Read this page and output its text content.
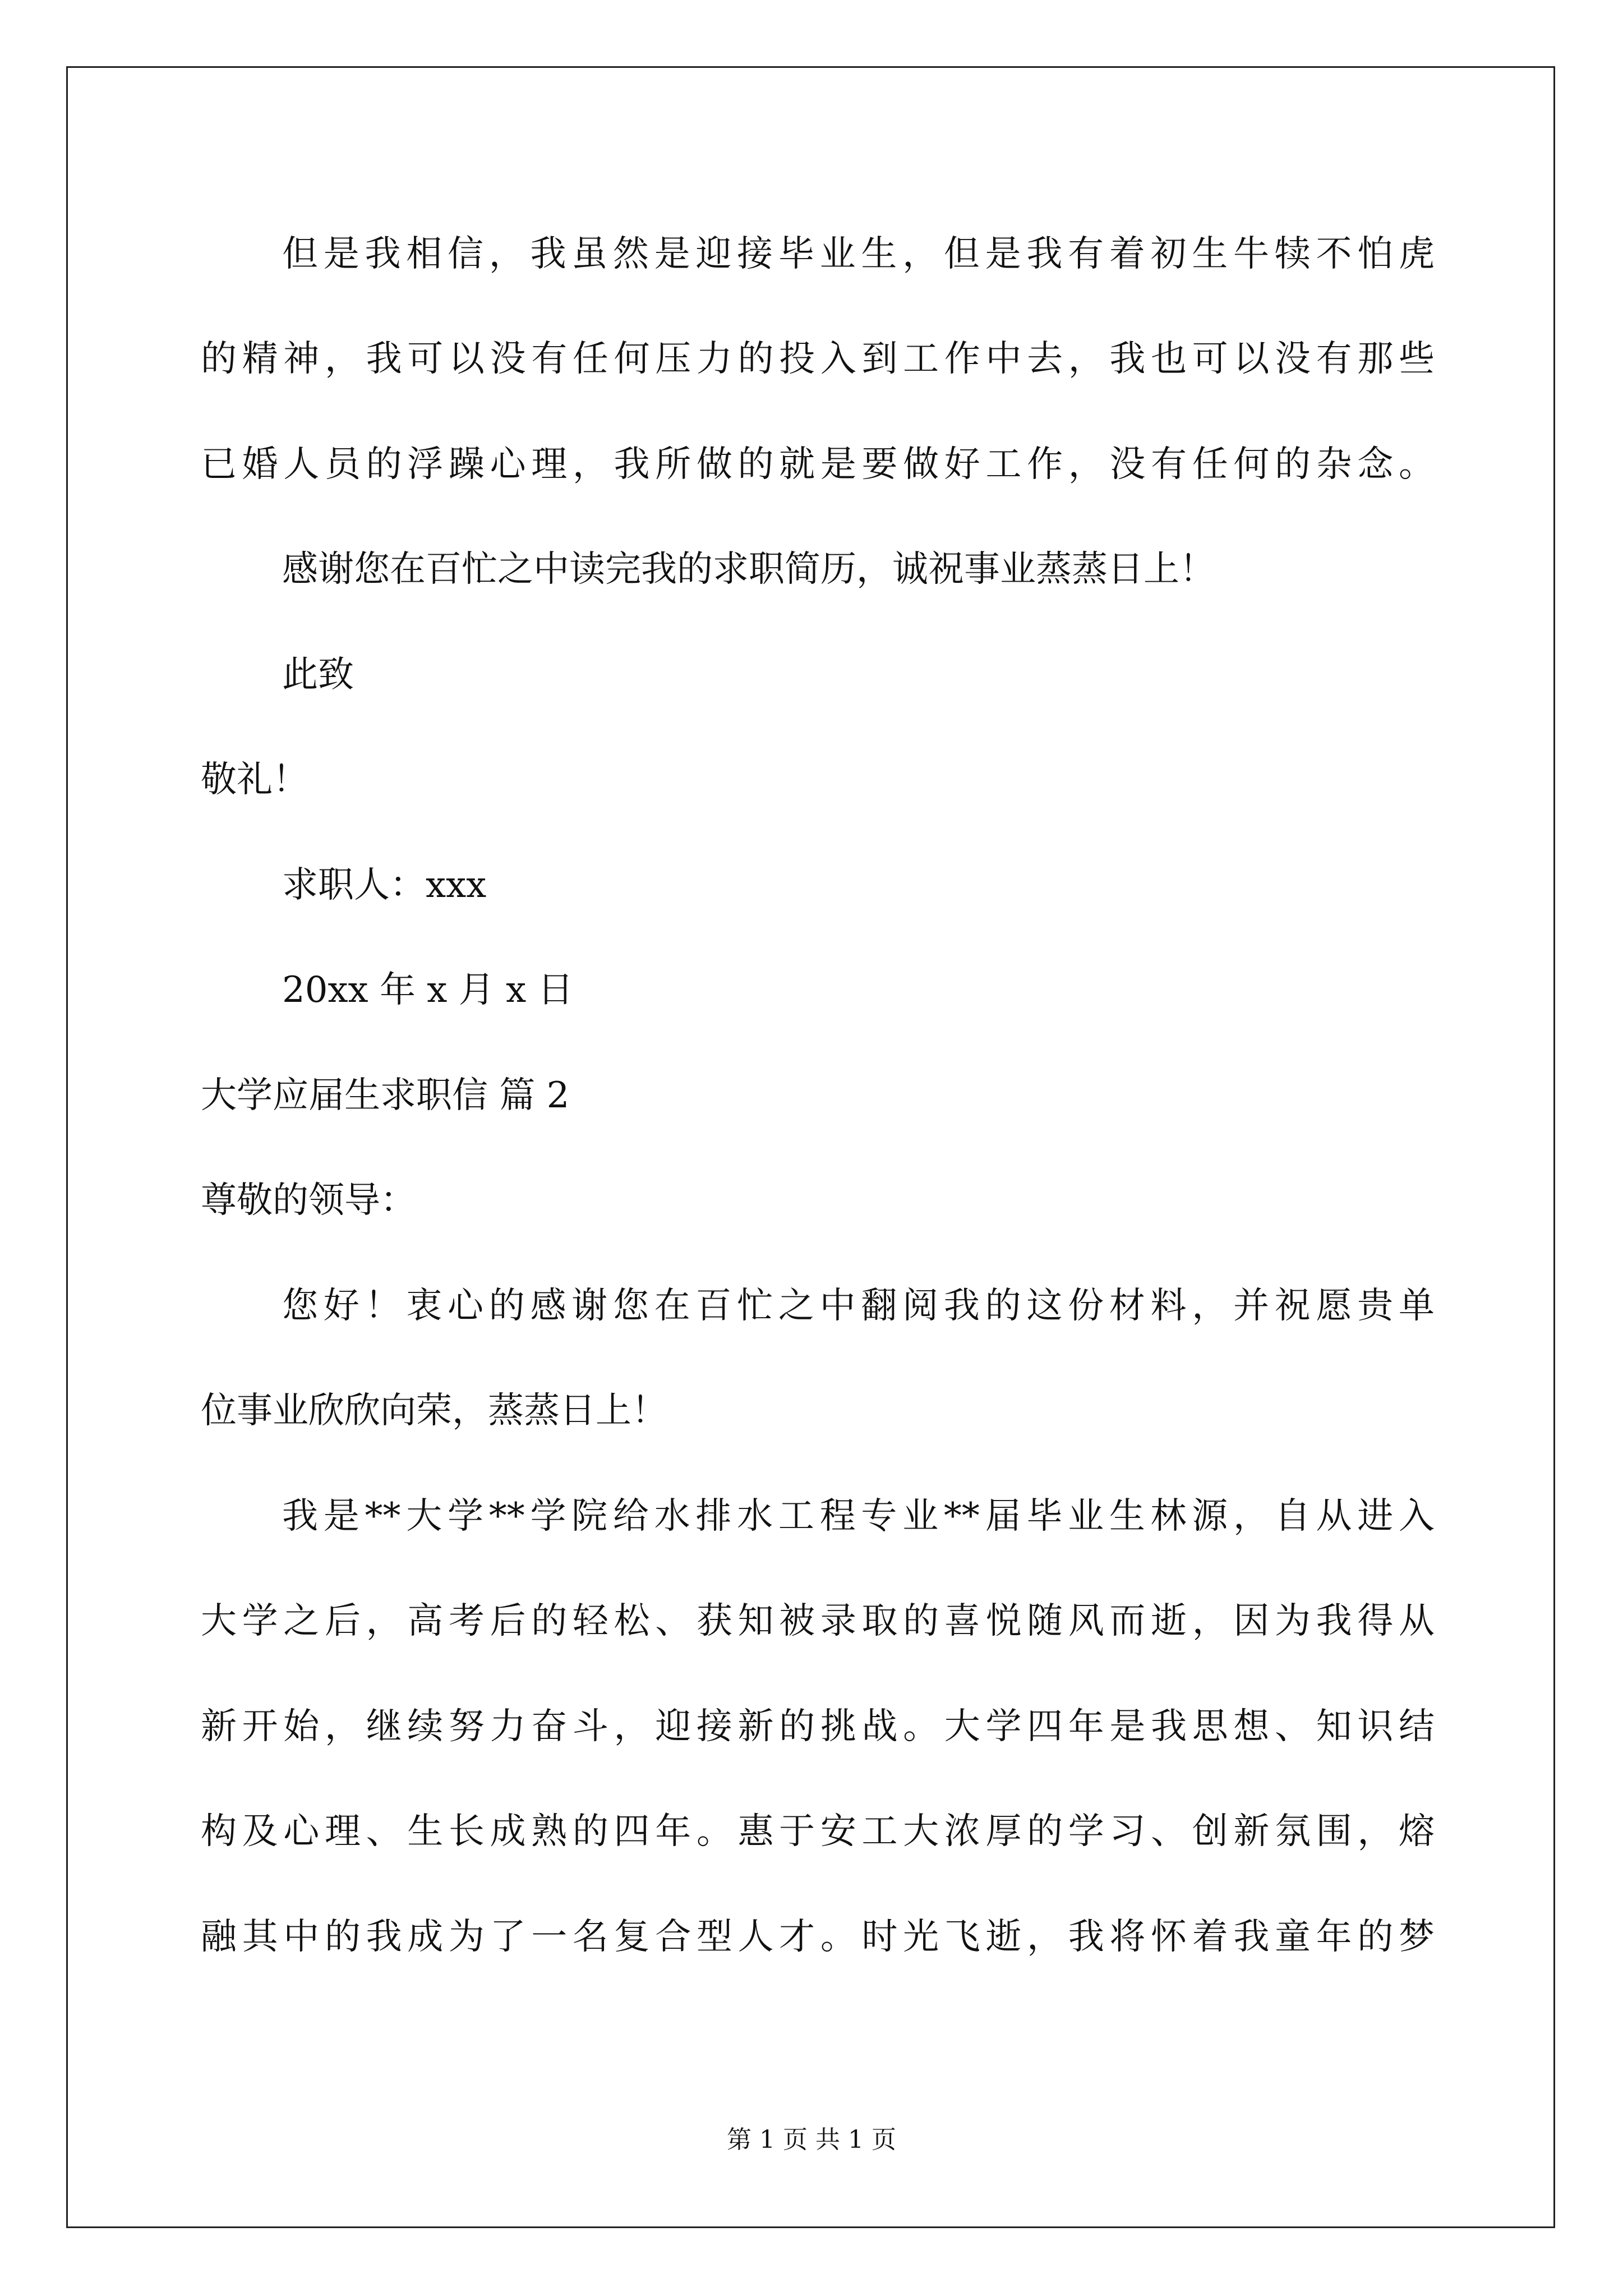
但是我相信，我虽然是迎接毕业生，但是我有着初生牛犊不怕虎
的精神，我可以没有任何压力的投入到工作中去，我也可以没有那些
已婚人员的浮躁心理，我所做的就是要做好工作，没有任何的杂念。
感谢您在百忙之中读完我的求职简历，诚祝事业蒸蒸日上！
此致
敬礼！
求职人：xxx
20xx 年 x 月 x 日
大学应届生求职信 篇 2
尊敬的领导：
您好！衷心的感谢您在百忙之中翻阅我的这份材料，并祝愿贵单
位事业欣欣向荣，蒸蒸日上！
我是**大学**学院给水排水工程专业**届毕业生林源，自从进入
大学之后，高考后的轻松、获知被录取的喜悦随风而逝，因为我得从
新开始，继续努力奋斗，迎接新的挑战。大学四年是我思想、知识结
构及心理、生长成熟的四年。惠于安工大浓厚的学习、创新氛围，熔
融其中的我成为了一名复合型人才。时光飞逝，我将怀着我童年的梦
第 1 页 共 1 页
